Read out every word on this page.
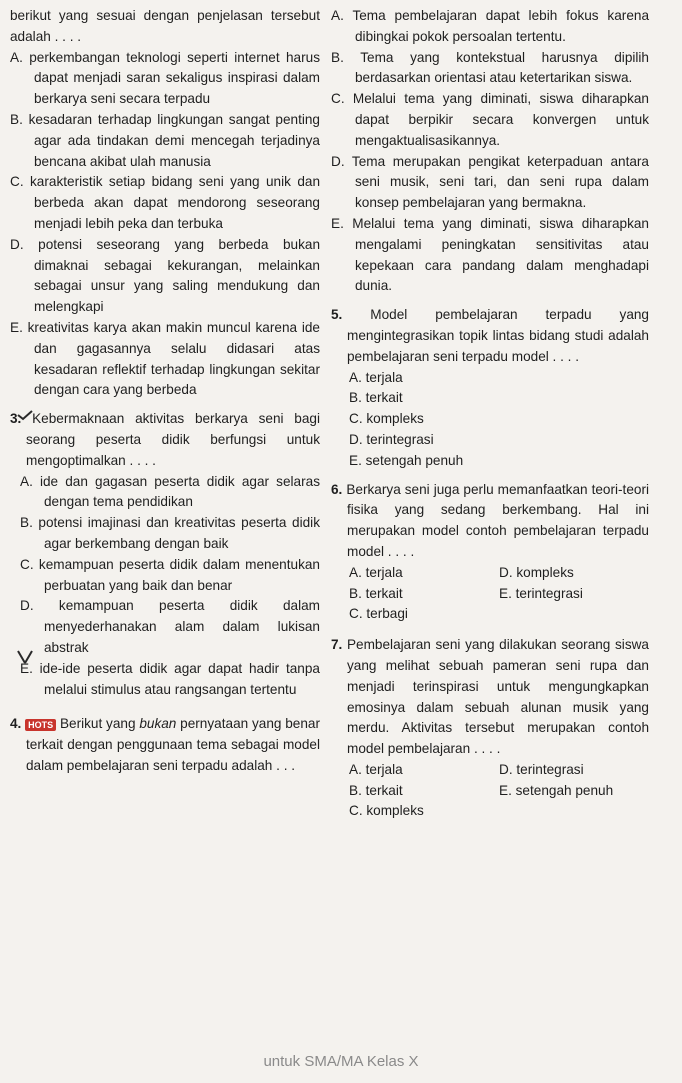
berikut yang sesuai dengan penjelasan tersebut adalah . . . .

A. perkembangan teknologi seperti internet harus dapat menjadi saran sekaligus inspirasi dalam berkarya seni secara terpadu

B. kesadaran terhadap lingkungan sangat penting agar ada tindakan demi mencegah terjadinya bencana akibat ulah manusia

C. karakteristik setiap bidang seni yang unik dan berbeda akan dapat mendorong seseorang menjadi lebih peka dan terbuka

D. potensi seseorang yang berbeda bukan dimaknai sebagai kekurangan, melainkan sebagai unsur yang saling mendukung dan melengkapi

E. kreativitas karya akan makin muncul karena ide dan gagasannya selalu didasari atas kesadaran reflektif terhadap lingkungan sekitar dengan cara yang berbeda

3. Kebermaknaan aktivitas berkarya seni bagi seorang peserta didik berfungsi untuk mengoptimalkan . . . .

A. ide dan gagasan peserta didik agar selaras dengan tema pendidikan

B. potensi imajinasi dan kreativitas peserta didik agar berkembang dengan baik

C. kemampuan peserta didik dalam menentukan perbuatan yang baik dan benar

D. kemampuan peserta didik dalam menyederhanakan alam dalam lukisan abstrak

E. ide-ide peserta didik agar dapat hadir tanpa melalui stimulus atau rangsangan tertentu

4. HOTS Berikut yang bukan pernyataan yang benar terkait dengan penggunaan tema sebagai model dalam pembelajaran seni terpadu adalah . . .

A. Tema pembelajaran dapat lebih fokus karena dibingkai pokok persoalan tertentu.

B. Tema yang kontekstual harusnya dipilih berdasarkan orientasi atau ketertarikan siswa.

C. Melalui tema yang diminati, siswa diharapkan dapat berpikir secara konvergen untuk mengaktualisasikannya.

D. Tema merupakan pengikat keterpaduan antara seni musik, seni tari, dan seni rupa dalam konsep pembelajaran yang bermakna.

E. Melalui tema yang diminati, siswa diharapkan mengalami peningkatan sensitivitas atau kepekaan cara pandang dalam menghadapi dunia.

5. Model pembelajaran terpadu yang mengintegrasikan topik lintas bidang studi adalah pembelajaran seni terpadu model . . . .

A. terjala

B. terkait

C. kompleks

D. terintegrasi

E. setengah penuh

6. Berkarya seni juga perlu memanfaatkan teori-teori fisika yang sedang berkembang. Hal ini merupakan model contoh pembelajaran terpadu model . . . .

A. terjala	D. kompleks

B. terkait	E. terintegrasi

C. terbagi

7. Pembelajaran seni yang dilakukan seorang siswa yang melihat sebuah pameran seni rupa dan menjadi terinspirasi untuk mengungkapkan emosinya dalam sebuah alunan musik yang merdu. Aktivitas tersebut merupakan contoh model pembelajaran . . . .

A. terjala	D. terintegrasi

B. terkait	E. setengah penuh

C. kompleks

untuk SMA/MA Kelas X
